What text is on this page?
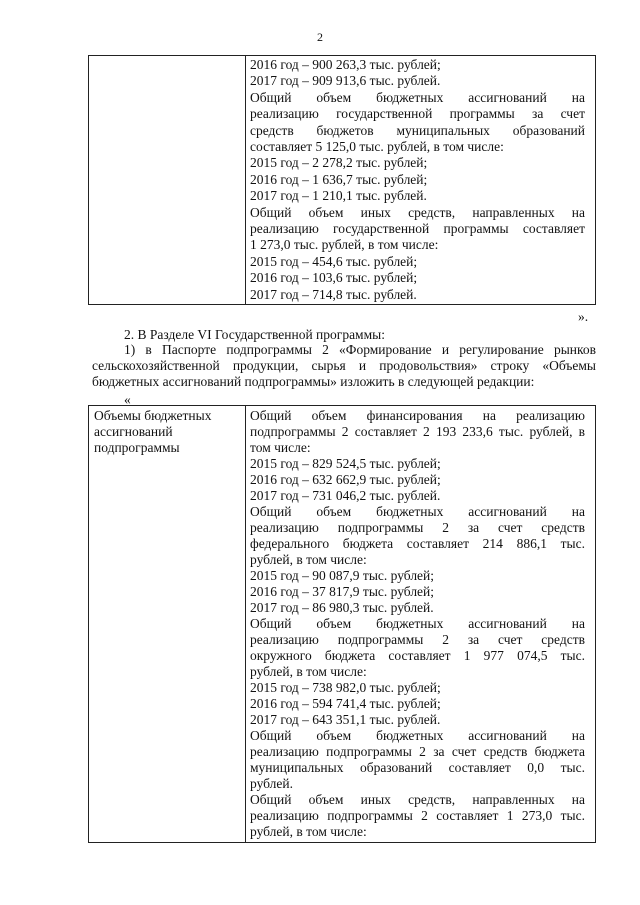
2
2016 год – 900 263,3 тыс. рублей;
2017 год – 909 913,6 тыс. рублей.
Общий объем бюджетных ассигнований на
реализацию государственной программы за счет
средств бюджетов муниципальных образований
составляет 5 125,0 тыс. рублей, в том числе:
2015 год – 2 278,2 тыс. рублей;
2016 год – 1 636,7 тыс. рублей;
2017 год – 1 210,1 тыс. рублей.
Общий объем иных средств, направленных на
реализацию государственной программы составляет
1 273,0 тыс. рублей, в том числе:
2015 год – 454,6 тыс. рублей;
2016 год – 103,6 тыс. рублей;
2017 год – 714,8 тыс. рублей.
».
2. В Разделе VI Государственной программы:
1) в Паспорте подпрограммы 2 «Формирование и регулирование рынков
сельскохозяйственной продукции, сырья и продовольствия» строку «Объемы
бюджетных ассигнований подпрограммы» изложить в следующей редакции:
«
Объемы бюджетных
ассигнований
подпрограммы
Общий объем финансирования на реализацию
подпрограммы 2 составляет 2 193 233,6 тыс. рублей, в
том числе:
2015 год – 829 524,5 тыс. рублей;
2016 год – 632 662,9 тыс. рублей;
2017 год – 731 046,2 тыс. рублей.
Общий объем бюджетных ассигнований на
реализацию подпрограммы 2 за счет средств
федерального бюджета составляет 214 886,1 тыс.
рублей, в том числе:
2015 год – 90 087,9 тыс. рублей;
2016 год – 37 817,9 тыс. рублей;
2017 год – 86 980,3 тыс. рублей.
Общий объем бюджетных ассигнований на
реализацию подпрограммы 2 за счет средств
окружного бюджета составляет 1 977 074,5 тыс.
рублей, в том числе:
2015 год – 738 982,0 тыс. рублей;
2016 год – 594 741,4 тыс. рублей;
2017 год – 643 351,1 тыс. рублей.
Общий объем бюджетных ассигнований на
реализацию подпрограммы 2 за счет средств бюджета
муниципальных образований составляет 0,0 тыс.
рублей.
Общий объем иных средств, направленных на
реализацию подпрограммы 2 составляет 1 273,0 тыс.
рублей, в том числе:
